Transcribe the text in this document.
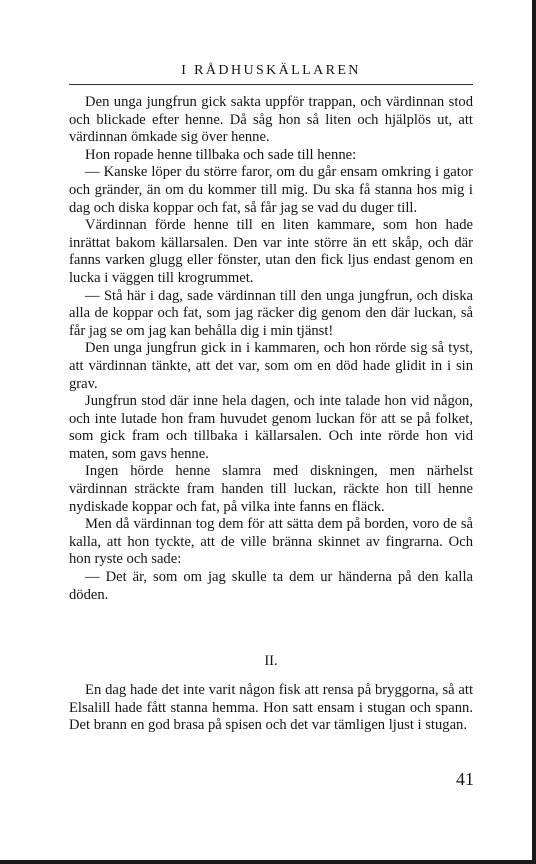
I RÅDHUSKÄLLAREN

Den unga jungfrun gick sakta uppför trappan, och värdinnan stod och blickade efter henne. Då såg hon så liten och hjälplös ut, att värdinnan ömkade sig över henne.

Hon ropade henne tillbaka och sade till henne:

— Kanske löper du större faror, om du går ensam omkring i gator och gränder, än om du kommer till mig. Du ska få stanna hos mig i dag och diska koppar och fat, så får jag se vad du duger till.

Värdinnan förde henne till en liten kammare, som hon hade inrättat bakom källarsalen. Den var inte större än ett skåp, och där fanns varken glugg eller fönster, utan den fick ljus endast genom en lucka i väggen till krogrummet.

— Stå här i dag, sade värdinnan till den unga jungfrun, och diska alla de koppar och fat, som jag räcker dig genom den där luckan, så får jag se om jag kan behålla dig i min tjänst!

Den unga jungfrun gick in i kammaren, och hon rörde sig så tyst, att värdinnan tänkte, att det var, som om en död hade glidit in i sin grav.

Jungfrun stod där inne hela dagen, och inte talade hon vid någon, och inte lutade hon fram huvudet genom luckan för att se på folket, som gick fram och tillbaka i källarsalen. Och inte rörde hon vid maten, som gavs henne.

Ingen hörde henne slamra med diskningen, men närhelst värdinnan sträckte fram handen till luckan, räckte hon till henne nydiskade koppar och fat, på vilka inte fanns en fläck.

Men då värdinnan tog dem för att sätta dem på borden, voro de så kalla, att hon tyckte, att de ville bränna skinnet av fingrarna. Och hon ryste och sade:

— Det är, som om jag skulle ta dem ur händerna på den kalla döden.

II.

En dag hade det inte varit någon fisk att rensa på bryggorna, så att Elsalill hade fått stanna hemma. Hon satt ensam i stugan och spann. Det brann en god brasa på spisen och det var tämligen ljust i stugan.

41
